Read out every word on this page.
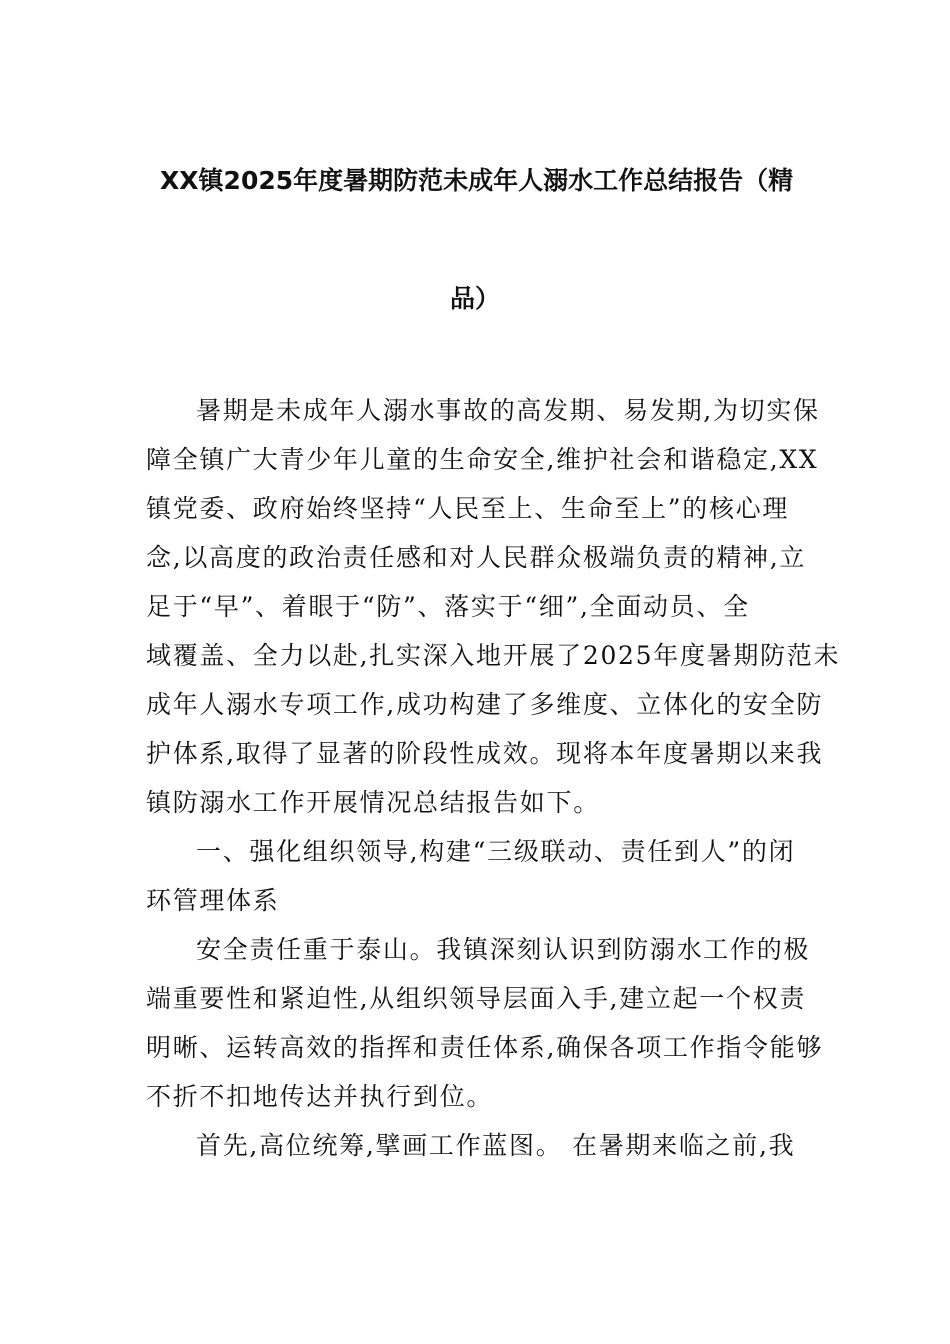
XX镇2025年度暑期防范未成年人溺水工作总结报告（精
品）
暑期是未成年人溺水事故的高发期、易发期,为切实保
障全镇广大青少年儿童的生命安全,维护社会和谐稳定,XX
镇党委、政府始终坚持“人民至上、生命至上”的核心理
念,以高度的政治责任感和对人民群众极端负责的精神,立
足于“早”、着眼于“防”、落实于“细”,全面动员、全
域覆盖、全力以赴,扎实深入地开展了2025年度暑期防范未
成年人溺水专项工作,成功构建了多维度、立体化的安全防
护体系,取得了显著的阶段性成效。现将本年度暑期以来我
镇防溺水工作开展情况总结报告如下。
一、强化组织领导,构建“三级联动、责任到人”的闭
环管理体系
安全责任重于泰山。我镇深刻认识到防溺水工作的极
端重要性和紧迫性,从组织领导层面入手,建立起一个权责
明晰、运转高效的指挥和责任体系,确保各项工作指令能够
不折不扣地传达并执行到位。
首先,高位统筹,擘画工作蓝图。 在暑期来临之前,我
